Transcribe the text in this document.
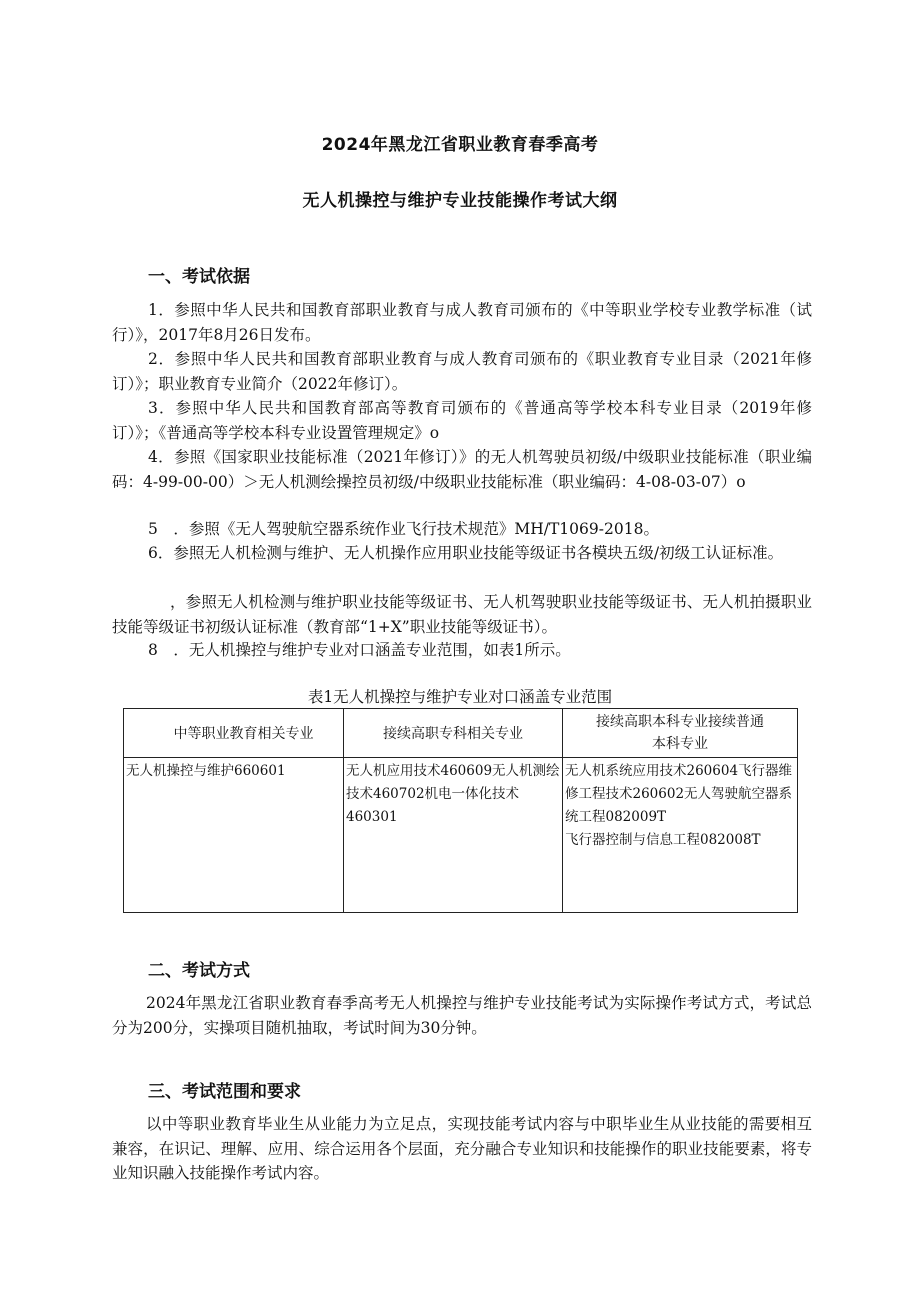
2024年黑龙江省职业教育春季高考
无人机操控与维护专业技能操作考试大纲
一、考试依据
1．参照中华人民共和国教育部职业教育与成人教育司颁布的《中等职业学校专业教学标准（试行）》，2017年8月26日发布。
2．参照中华人民共和国教育部职业教育与成人教育司颁布的《职业教育专业目录（2021年修订）》；职业教育专业简介（2022年修订）。
3．参照中华人民共和国教育部高等教育司颁布的《普通高等学校本科专业目录（2019年修订）》；《普通高等学校本科专业设置管理规定》o
4．参照《国家职业技能标准（2021年修订）》的无人机驾驶员初级/中级职业技能标准（职业编码：4-99-00-00）＞无人机测绘操控员初级/中级职业技能标准（职业编码：4-08-03-07）o
5　．参照《无人驾驶航空器系统作业飞行技术规范》MH/T1069-2018。
6．参照无人机检测与维护、无人机操作应用职业技能等级证书各模块五级/初级工认证标准。
，参照无人机检测与维护职业技能等级证书、无人机驾驶职业技能等级证书、无人机拍摄职业技能等级证书初级认证标准（教育部“1+X”职业技能等级证书）。
8　．无人机操控与维护专业对口涵盖专业范围，如表1所示。
表1无人机操控与维护专业对口涵盖专业范围
中等职业教育相关专业	接续高职专科相关专业	接续高职本科专业接续普通
本科专业
无人机操控与维护660601	无人机应用技术460609无人机测绘技术460702机电一体化技术460301	无人机系统应用技术260604飞行器维修工程技术260602无人驾驶航空器系统工程082009T
飞行器控制与信息工程082008T
二、考试方式
2024年黑龙江省职业教育春季高考无人机操控与维护专业技能考试为实际操作考试方式，考试总分为200分，实操项目随机抽取，考试时间为30分钟。
三、考试范围和要求
以中等职业教育毕业生从业能力为立足点，实现技能考试内容与中职毕业生从业技能的需要相互兼容，在识记、理解、应用、综合运用各个层面，充分融合专业知识和技能操作的职业技能要素，将专业知识融入技能操作考试内容。
